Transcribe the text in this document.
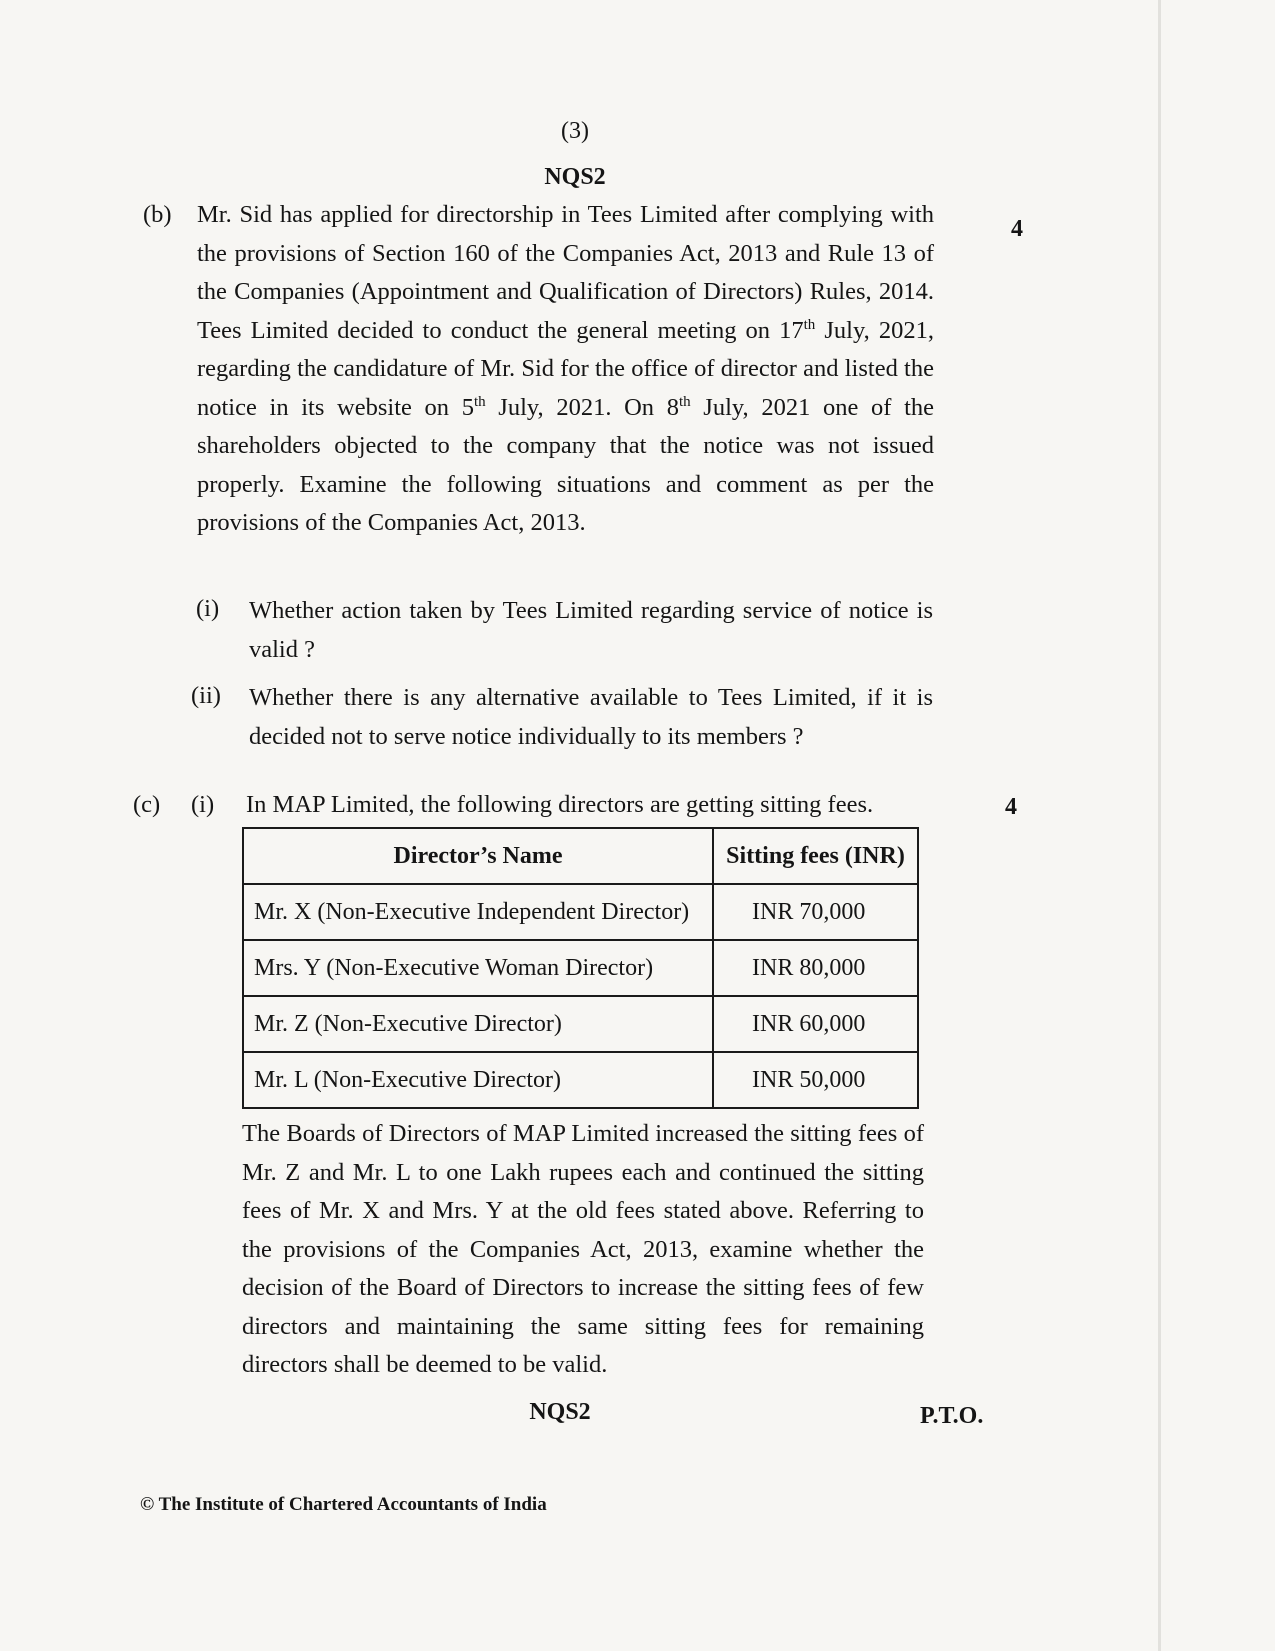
(3)

NQS2

(b)
4

Mr. Sid has applied for directorship in Tees Limited after complying with the provisions of Section 160 of the Companies Act, 2013 and Rule 13 of the Companies (Appointment and Qualification of Directors) Rules, 2014. Tees Limited decided to conduct the general meeting on 17th July, 2021, regarding the candidature of Mr. Sid for the office of director and listed the notice in its website on 5th July, 2021. On 8th July, 2021 one of the shareholders objected to the company that the notice was not issued properly. Examine the following situations and comment as per the provisions of the Companies Act, 2013.

(i) Whether action taken by Tees Limited regarding service of notice is valid ?

(ii) Whether there is any alternative available to Tees Limited, if it is decided not to serve notice individually to its members ?

(c) (i)	4

In MAP Limited, the following directors are getting sitting fees.

Director’s Name	Sitting fees (INR)
Mr. X (Non-Executive Independent Director)	INR 70,000
Mrs. Y (Non-Executive Woman Director)	INR 80,000
Mr. Z (Non-Executive Director)	INR 60,000
Mr. L (Non-Executive Director)	INR 50,000

The Boards of Directors of MAP Limited increased the sitting fees of Mr. Z and Mr. L to one Lakh rupees each and continued the sitting fees of Mr. X and Mrs. Y at the old fees stated above. Referring to the provisions of the Companies Act, 2013, examine whether the decision of the Board of Directors to increase the sitting fees of few directors and maintaining the same sitting fees for remaining directors shall be deemed to be valid.

NQS2	P.T.O.

© The Institute of Chartered Accountants of India
